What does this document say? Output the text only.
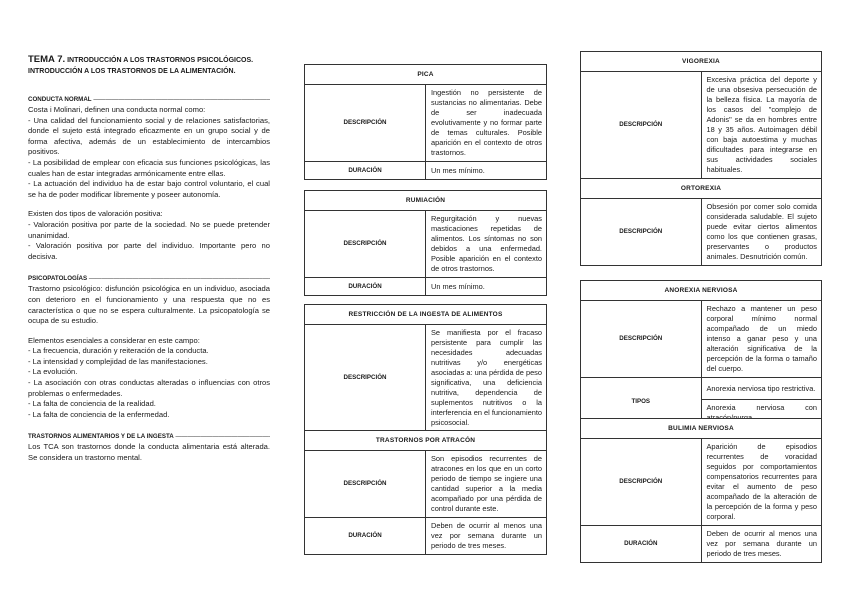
TEMA 7. INTRODUCCIÓN A LOS TRASTORNOS PSICOLÓGICOS.
INTRODUCCIÓN A LOS TRASTORNOS DE LA ALIMENTACIÓN.

CONDUCTA NORMAL ――――――――――――――――――――――――――――――――

Costa i Molinari, definen una conducta normal como:

- Una calidad del funcionamiento social y de relaciones satisfactorias, donde el sujeto está integrado eficazmente en un grupo social y de forma afectiva, además de un establecimiento de intercambios positivos.

- La posibilidad de emplear con eficacia sus funciones psicológicas, las cuales han de estar integradas armónicamente entre ellas.

- La actuación del individuo ha de estar bajo control voluntario, el cual se ha de poder modificar libremente y poseer autonomía.

Existen dos tipos de valoración positiva:

- Valoración positiva por parte de la sociedad. No se puede pretender unanimidad.

- Valoración positiva por parte del individuo. Importante pero no decisiva.

PSICOPATOLOGÍAS ――――――――――――――――――――――――――――――――

Trastorno psicológico: disfunción psicológica en un individuo, asociada con deterioro en el funcionamiento y una respuesta que no es característica o que no se espera culturalmente. La psicopatología se ocupa de su estudio.

Elementos esenciales a considerar en este campo:

- La frecuencia, duración y reiteración de la conducta.

- La intensidad y complejidad de las manifestaciones.

- La evolución.

- La asociación con otras conductas alteradas o influencias con otros problemas o enfermedades.

- La falta de conciencia de la realidad.

- La falta de conciencia de la enfermedad.

TRASTORNOS ALIMENTARIOS Y DE LA INGESTA ――――――――――――――――――――――――――――――――

Los TCA son trastornos donde la conducta alimentaria está alterada. Se considera un trastorno mental.

PICA	
DESCRIPCIÓN	Ingestión no persistente de sustancias no alimentarias. Debe de ser inadecuada evolutivamente y no formar parte de temas culturales. Posible aparición en el contexto de otros trastornos.
DURACIÓN	Un mes mínimo.
RUMIACIÓN	
DESCRIPCIÓN	Regurgitación y nuevas masticaciones repetidas de alimentos. Los síntomas no son debidos a una enfermedad. Posible aparición en el contexto de otros trastornos.
DURACIÓN	Un mes mínimo.
RESTRICCIÓN DE LA INGESTA DE ALIMENTOS
DESCRIPCIÓN	Se manifiesta por el fracaso persistente para cumplir las necesidades adecuadas nutritivas y/o energéticas asociadas a: una pérdida de peso significativa, una deficiencia nutritiva, dependencia de suplementos nutritivos o la interferencia en el funcionamiento psicosocial.
TRASTORNOS POR ATRACÓN	
DESCRIPCIÓN	Son episodios recurrentes de atracones en los que en un corto periodo de tiempo se ingiere una cantidad superior a la media acompañado por una pérdida de control durante este.
DURACIÓN	Deben de ocurrir al menos una vez por semana durante un periodo de tres meses.
VIGOREXIA
DESCRIPCIÓN	Excesiva práctica del deporte y de una obsesiva persecución de la belleza física. La mayoría de los casos del "complejo de Adonis" se da en hombres entre 18 y 35 años. Autoimagen débil con baja autoestima y muchas dificultades para integrarse en sus actividades sociales habituales.
ORTOREXIA
DESCRIPCIÓN	Obsesión por comer solo comida considerada saludable. El sujeto puede evitar ciertos alimentos como los que contienen grasas, preservantes o productos animales. Desnutrición común.
ANOREXIA NERVIOSA	
DESCRIPCIÓN	Rechazo a mantener un peso corporal mínimo normal acompañado de un miedo intenso a ganar peso y una alteración significativa de la percepción de la forma o tamaño del cuerpo.
TIPOS	Anorexia nerviosa tipo restrictiva.
	Anorexia nerviosa con
BULIMIA NERVIOSA	
DESCRIPCIÓN	Aparición de episodios recurrentes de voracidad seguidos por comportamientos compensatorios recurrentes para evitar el aumento de peso acompañado de la alteración de la percepción de la forma y peso corporal.
DURACIÓN	Deben de ocurrir al menos una vez por semana durante un periodo de tres meses.
